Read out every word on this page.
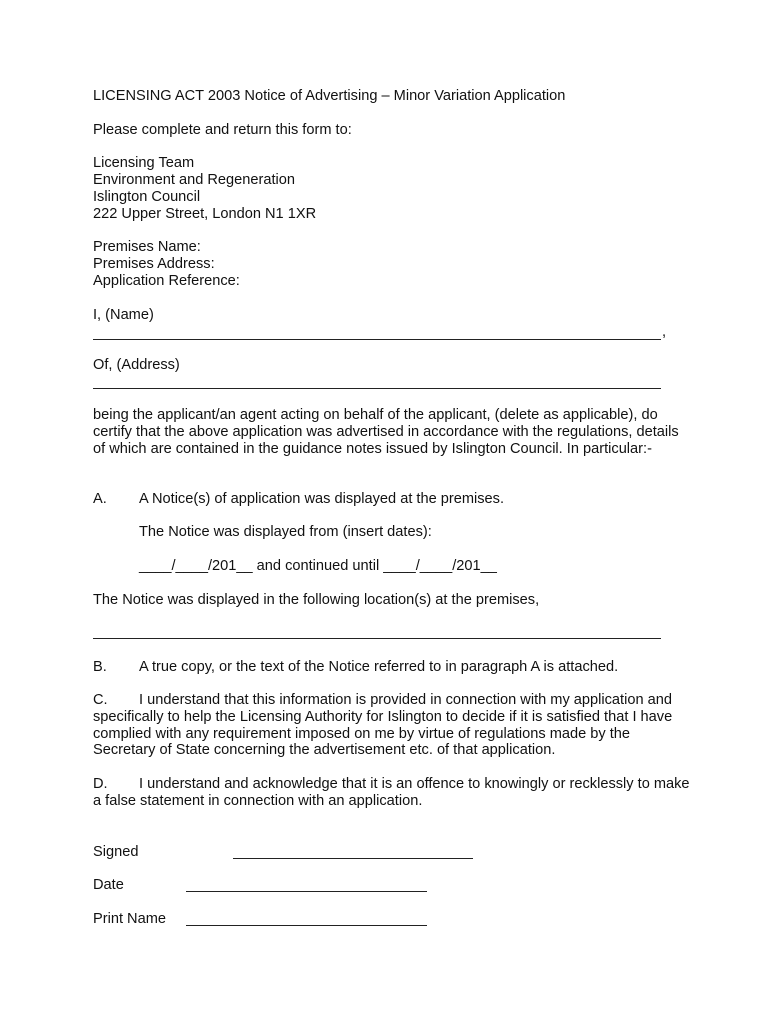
LICENSING ACT 2003 Notice of Advertising – Minor Variation Application
Please complete and return this form to:
Licensing Team
Environment and Regeneration
Islington Council
222 Upper Street, London N1 1XR
Premises Name:
Premises Address:
Application Reference:
I, (Name)
,
Of, (Address)
being the applicant/an agent acting on behalf of the applicant, (delete as applicable), do certify that the above application was advertised in accordance with the regulations, details of which are contained in the guidance notes issued by Islington Council. In particular:-
A. A Notice(s) of application was displayed at the premises.
The Notice was displayed from (insert dates):
____/____/201__ and continued until ____/____/201__
The Notice was displayed in the following location(s) at the premises,
B. A true copy, or the text of the Notice referred to in paragraph A is attached.
C. I understand that this information is provided in connection with my application and specifically to help the Licensing Authority for Islington to decide if it is satisfied that I have complied with any requirement imposed on me by virtue of regulations made by the Secretary of State concerning the advertisement etc. of that application.
D. I understand and acknowledge that it is an offence to knowingly or recklessly to make a false statement in connection with an application.
Signed
Date
Print Name
